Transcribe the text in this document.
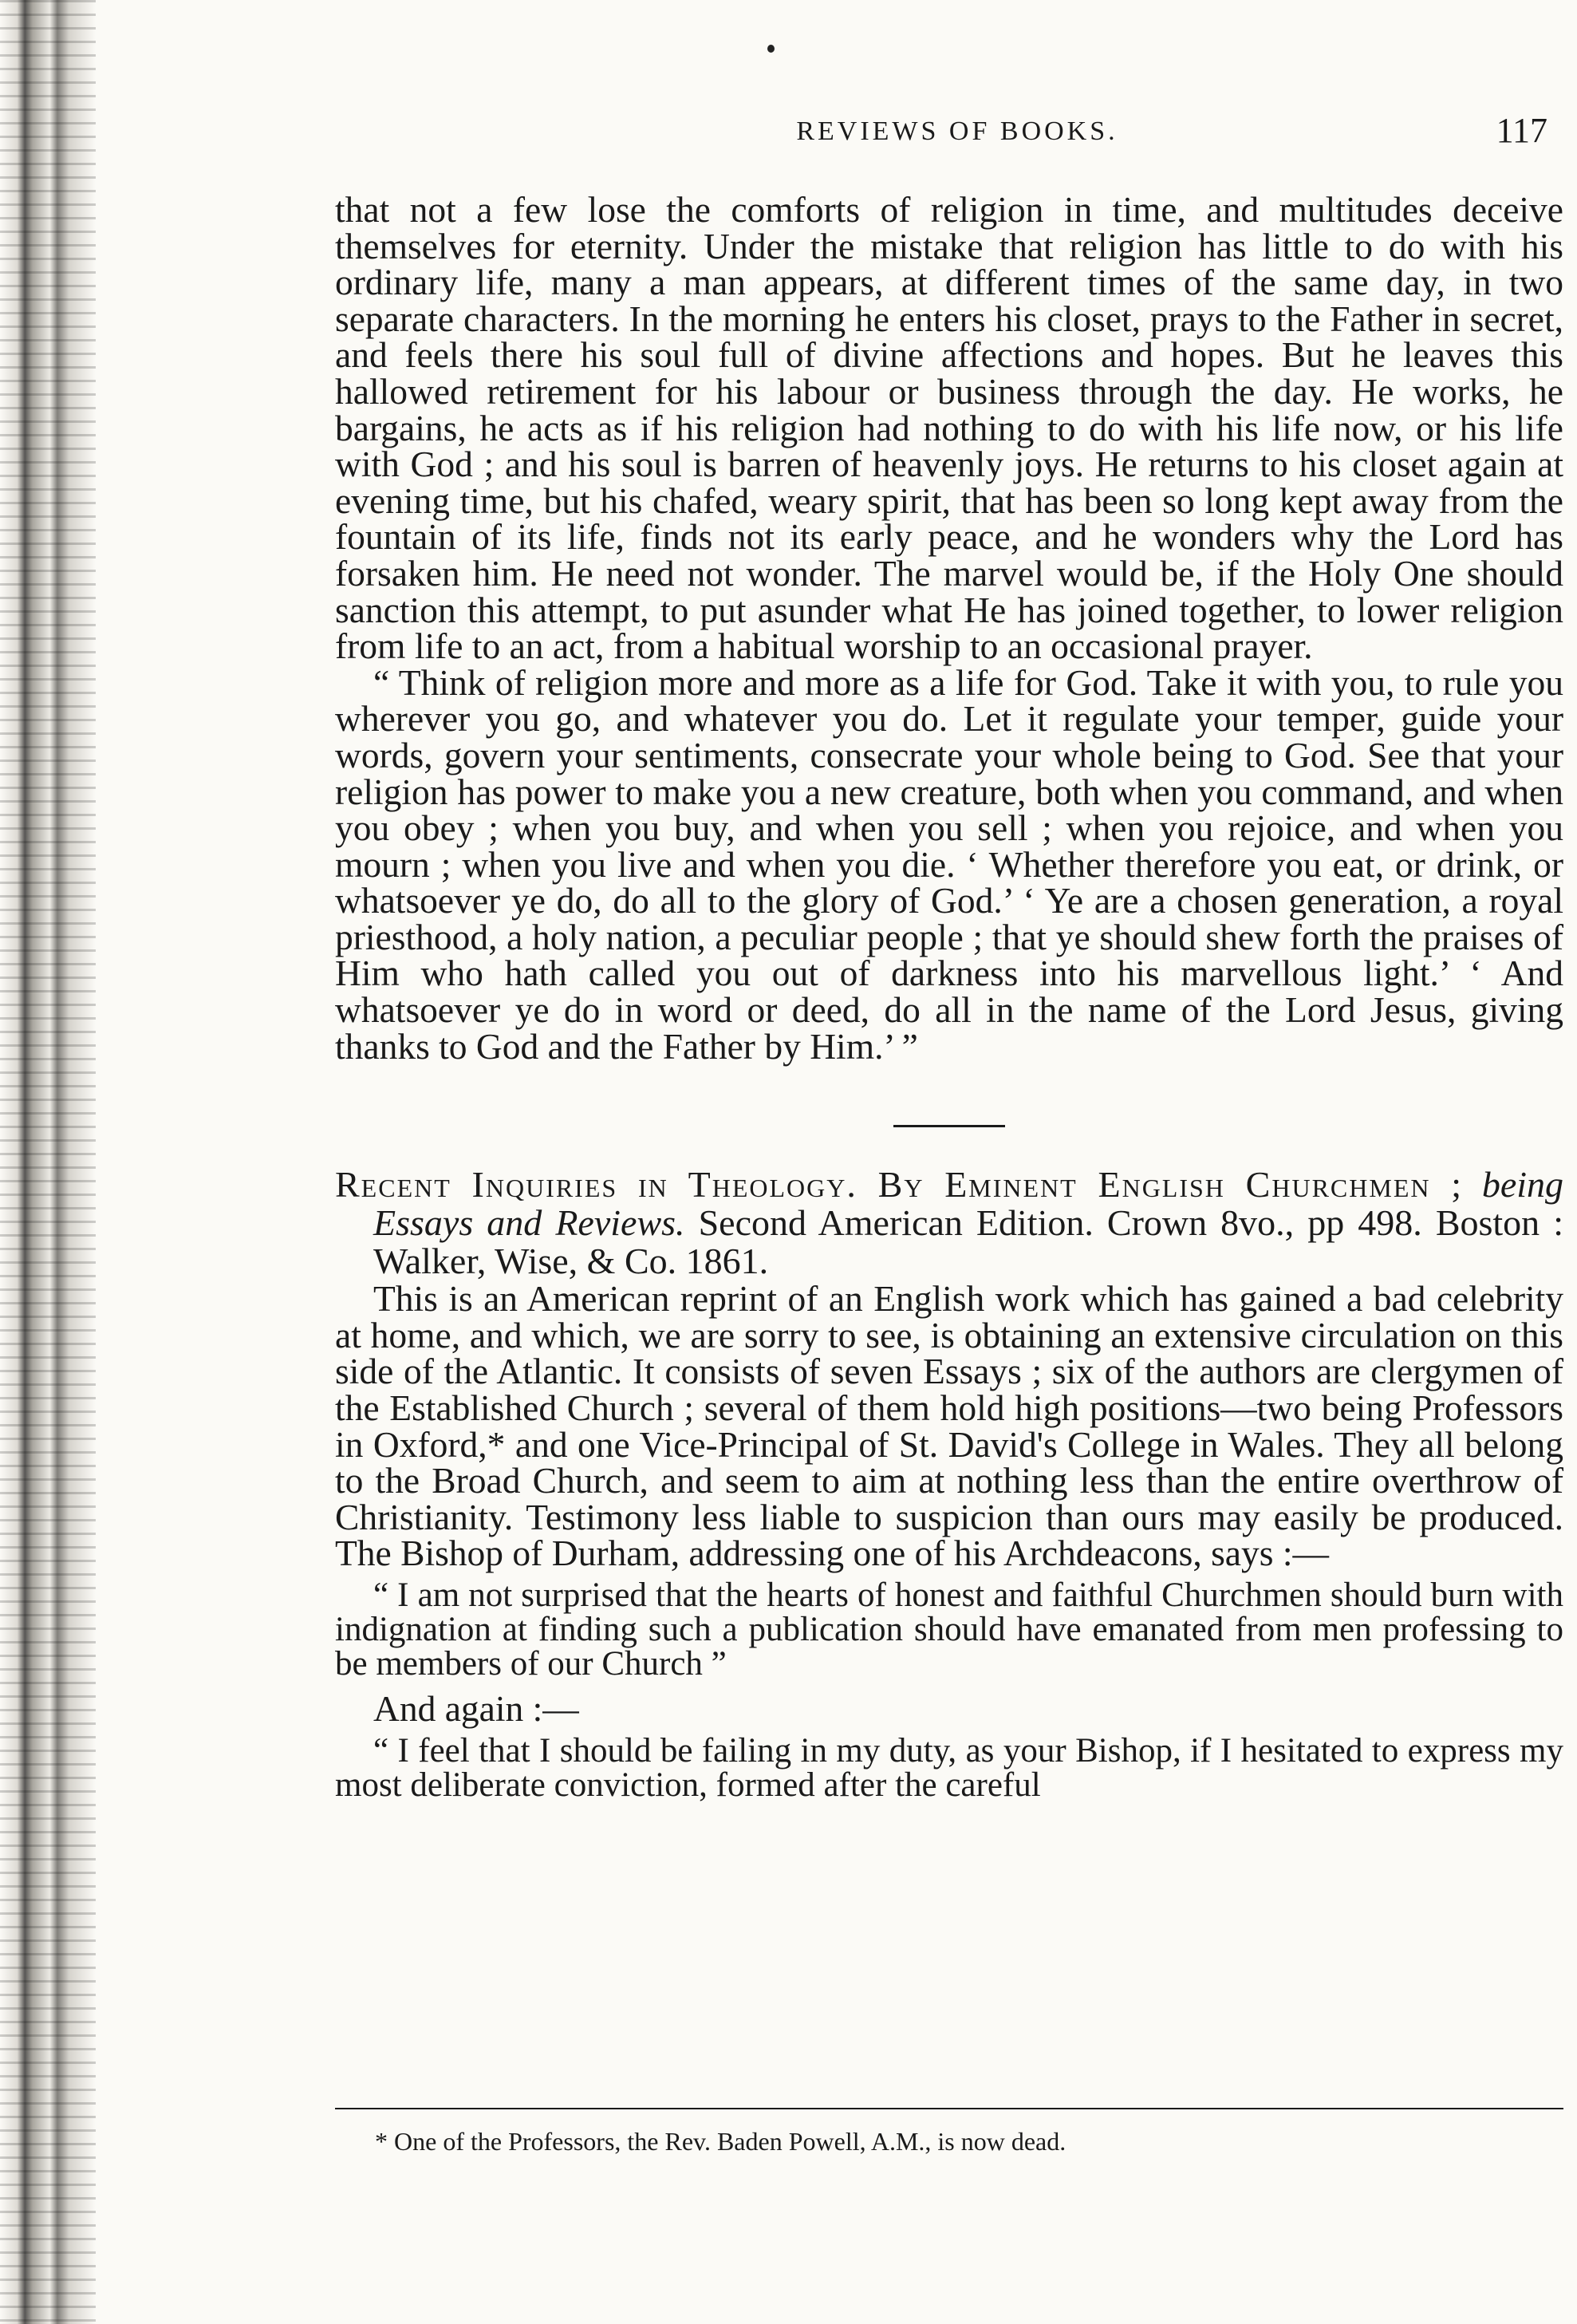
REVIEWS OF BOOKS.	117

that not a few lose the comforts of religion in time, and multitudes deceive themselves for eternity. Under the mistake that religion has little to do with his ordinary life, many a man appears, at different times of the same day, in two separate characters. In the morning he enters his closet, prays to the Father in secret, and feels there his soul full of divine affections and hopes. But he leaves this hallowed retirement for his labour or business through the day. He works, he bargains, he acts as if his religion had nothing to do with his life now, or his life with God ; and his soul is barren of heavenly joys. He returns to his closet again at evening time, but his chafed, weary spirit, that has been so long kept away from the fountain of its life, finds not its early peace, and he wonders why the Lord has forsaken him. He need not wonder. The marvel would be, if the Holy One should sanction this attempt, to put asunder what He has joined together, to lower religion from life to an act, from a habitual worship to an occasional prayer.

“ Think of religion more and more as a life for God. Take it with you, to rule you wherever you go, and whatever you do. Let it regulate your temper, guide your words, govern your sentiments, consecrate your whole being to God. See that your religion has power to make you a new creature, both when you command, and when you obey ; when you buy, and when you sell ; when you rejoice, and when you mourn ; when you live and when you die. ‘ Whether therefore you eat, or drink, or whatsoever ye do, do all to the glory of God.’ ‘ Ye are a chosen generation, a royal priesthood, a holy nation, a peculiar people ; that ye should shew forth the praises of Him who hath called you out of darkness into his marvellous light.’ ‘ And whatsoever ye do in word or deed, do all in the name of the Lord Jesus, giving thanks to God and the Father by Him.’ ”

Recent Inquiries in Theology. By Eminent English Churchmen ; being Essays and Reviews. Second American Edition. Crown 8vo., pp 498. Boston : Walker, Wise, & Co. 1861.

This is an American reprint of an English work which has gained a bad celebrity at home, and which, we are sorry to see, is obtaining an extensive circulation on this side of the Atlantic. It consists of seven Essays ; six of the authors are clergymen of the Established Church ; several of them hold high positions—two being Professors in Oxford,* and one Vice-Principal of St. David's College in Wales. They all belong to the Broad Church, and seem to aim at nothing less than the entire overthrow of Christianity. Testimony less liable to suspicion than ours may easily be produced. The Bishop of Durham, addressing one of his Archdeacons, says :—

“ I am not surprised that the hearts of honest and faithful Churchmen should burn with indignation at finding such a publication should have emanated from men professing to be members of our Church ”

And again :—

“ I feel that I should be failing in my duty, as your Bishop, if I hesitated to express my most deliberate conviction, formed after the careful

* One of the Professors, the Rev. Baden Powell, A.M., is now dead.
